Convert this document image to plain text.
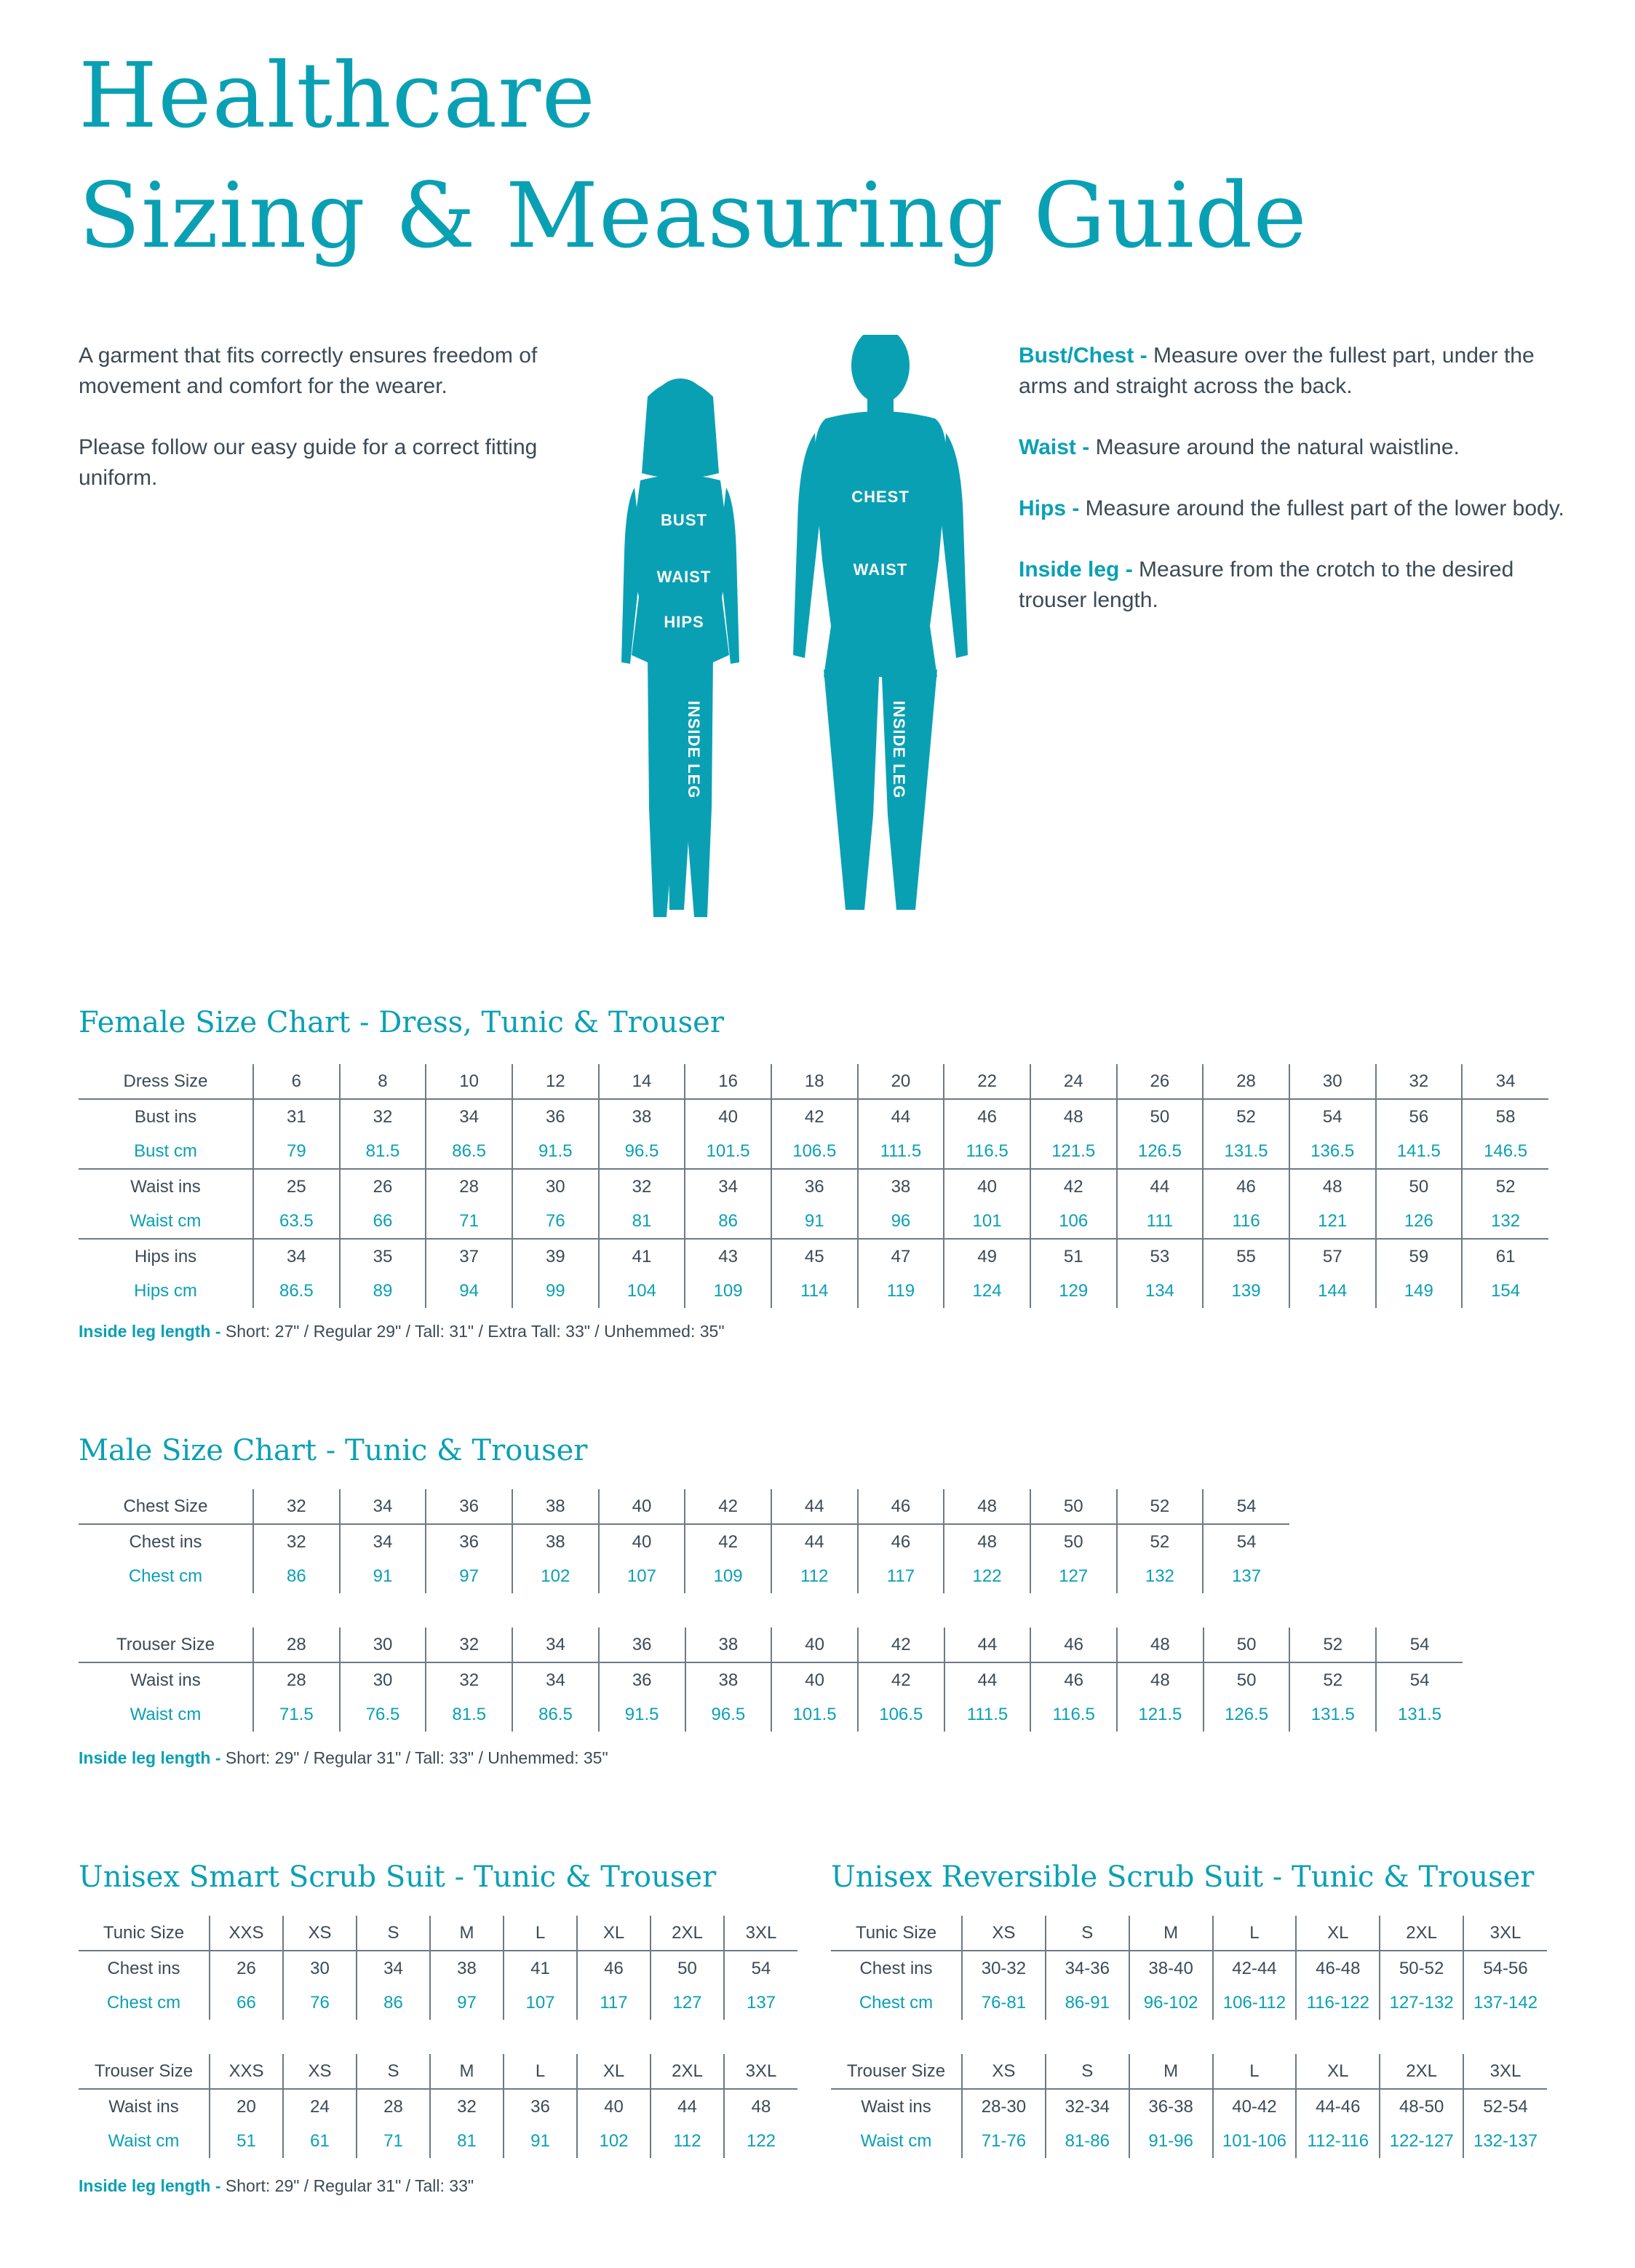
Healthcare
Sizing & Measuring Guide

A garment that fits correctly ensures freedom of movement and comfort for the wearer.

Please follow our easy guide for a correct fitting uniform.

Bust/Chest - Measure over the fullest part, under the arms and straight across the back.

Waist - Measure around the natural waistline.

Hips - Measure around the fullest part of the lower body.

Inside leg - Measure from the crotch to the desired trouser length.

BUST
WAIST
HIPS
INSIDE LEG
CHEST
WAIST
INSIDE LEG
Female Size Chart - Dress, Tunic & Trouser
Dress Size	6	8	10	12	14	16	18	20	22	24	26	28	30	32	34
Bust ins	31	32	34	36	38	40	42	44	46	48	50	52	54	56	58
Bust cm	79	81.5	86.5	91.5	96.5	101.5	106.5	111.5	116.5	121.5	126.5	131.5	136.5	141.5	146.5
Waist ins	25	26	28	30	32	34	36	38	40	42	44	46	48	50	52
Waist cm	63.5	66	71	76	81	86	91	96	101	106	111	116	121	126	132
Hips ins	34	35	37	39	41	43	45	47	49	51	53	55	57	59	61
Hips cm	86.5	89	94	99	104	109	114	119	124	129	134	139	144	149	154
Inside leg length - Short: 27" / Regular 29" / Tall: 31" / Extra Tall: 33" / Unhemmed: 35"
Male Size Chart - Tunic & Trouser
Chest Size	32	34	36	38	40	42	44	46	48	50	52	54
Chest ins	32	34	36	38	40	42	44	46	48	50	52	54
Chest cm	86	91	97	102	107	109	112	117	122	127	132	137
Trouser Size	28	30	32	34	36	38	40	42	44	46	48	50	52	54
Waist ins	28	30	32	34	36	38	40	42	44	46	48	50	52	54
Waist cm	71.5	76.5	81.5	86.5	91.5	96.5	101.5	106.5	111.5	116.5	121.5	126.5	131.5	131.5
Inside leg length - Short: 29" / Regular 31" / Tall: 33" / Unhemmed: 35"
Unisex Smart Scrub Suit - Tunic & Trouser
Tunic Size	XXS	XS	S	M	L	XL	2XL	3XL
Chest ins	26	30	34	38	41	46	50	54
Chest cm	66	76	86	97	107	117	127	137
Trouser Size	XXS	XS	S	M	L	XL	2XL	3XL
Waist ins	20	24	28	32	36	40	44	48
Waist cm	51	61	71	81	91	102	112	122
Inside leg length - Short: 29" / Regular 31" / Tall: 33"
Unisex Reversible Scrub Suit - Tunic & Trouser
Tunic Size	XS	S	M	L	XL	2XL	3XL
Chest ins	30-32	34-36	38-40	42-44	46-48	50-52	54-56
Chest cm	76-81	86-91	96-102	106-112	116-122	127-132	137-142
Trouser Size	XS	S	M	L	XL	2XL	3XL
Waist ins	28-30	32-34	36-38	40-42	44-46	48-50	52-54
Waist cm	71-76	81-86	91-96	101-106	112-116	122-127	132-137
